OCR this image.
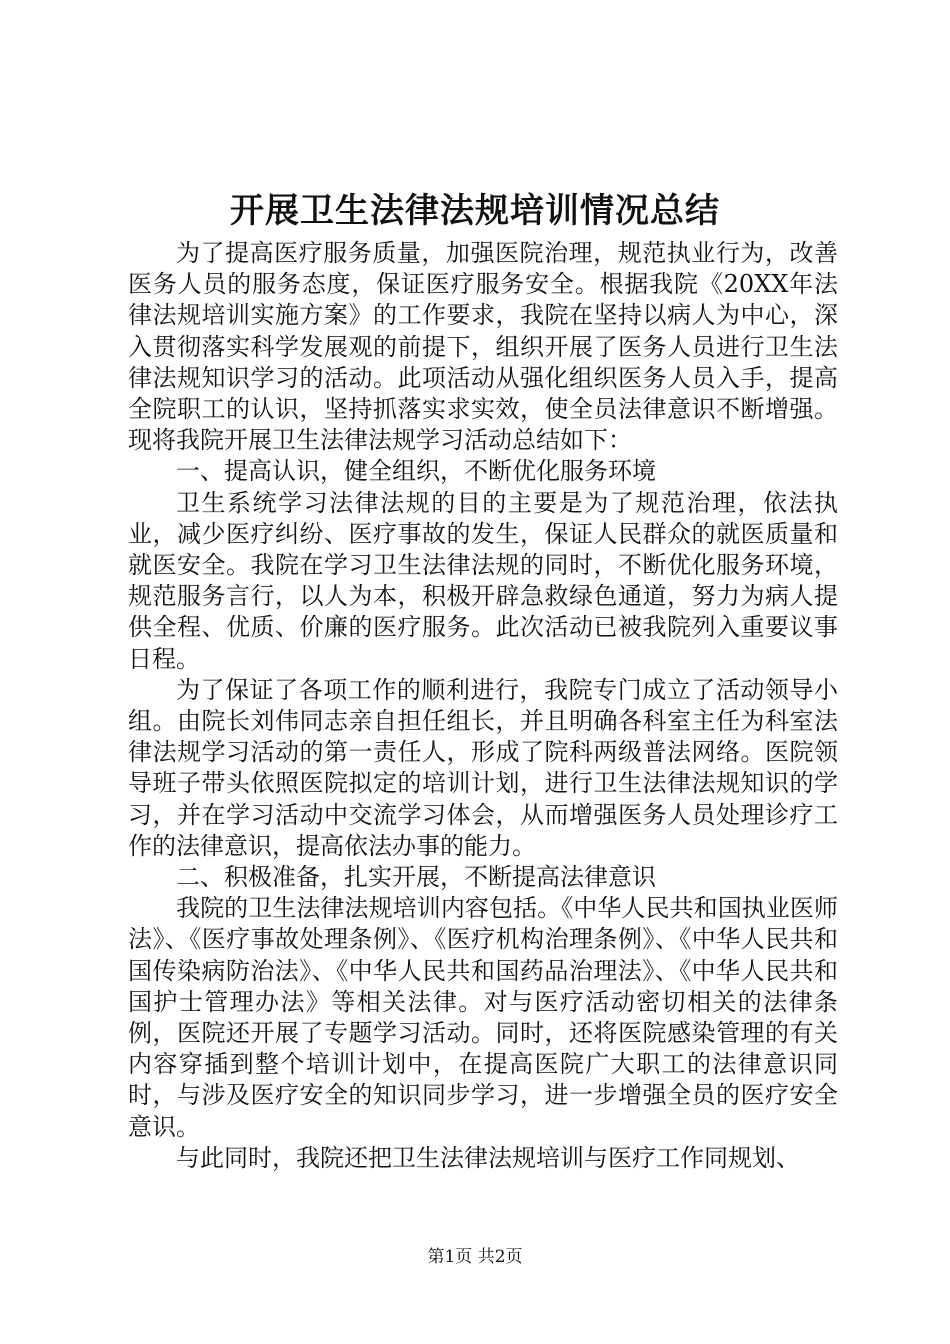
开展卫生法律法规培训情况总结

为了提高医疗服务质量，加强医院治理，规范执业行为，改善医务人员的服务态度，保证医疗服务安全。根据我院《20XX年法律法规培训实施方案》的工作要求，我院在坚持以病人为中心，深入贯彻落实科学发展观的前提下，组织开展了医务人员进行卫生法律法规知识学习的活动。此项活动从强化组织医务人员入手，提高全院职工的认识，坚持抓落实求实效，使全员法律意识不断增强。现将我院开展卫生法律法规学习活动总结如下：

一、提高认识，健全组织，不断优化服务环境

卫生系统学习法律法规的目的主要是为了规范治理，依法执业，减少医疗纠纷、医疗事故的发生，保证人民群众的就医质量和就医安全。我院在学习卫生法律法规的同时，不断优化服务环境，规范服务言行，以人为本，积极开辟急救绿色通道，努力为病人提供全程、优质、价廉的医疗服务。此次活动已被我院列入重要议事日程。

为了保证了各项工作的顺利进行，我院专门成立了活动领导小组。由院长刘伟同志亲自担任组长，并且明确各科室主任为科室法律法规学习活动的第一责任人，形成了院科两级普法网络。医院领导班子带头依照医院拟定的培训计划，进行卫生法律法规知识的学习，并在学习活动中交流学习体会，从而增强医务人员处理诊疗工作的法律意识，提高依法办事的能力。

二、积极准备，扎实开展，不断提高法律意识

我院的卫生法律法规培训内容包括。《中华人民共和国执业医师法》、《医疗事故处理条例》、《医疗机构治理条例》、《中华人民共和国传染病防治法》、《中华人民共和国药品治理法》、《中华人民共和国护士管理办法》等相关法律。对与医疗活动密切相关的法律条例，医院还开展了专题学习活动。同时，还将医院感染管理的有关内容穿插到整个培训计划中，在提高医院广大职工的法律意识同时，与涉及医疗安全的知识同步学习，进一步增强全员的医疗安全意识。

与此同时，我院还把卫生法律法规培训与医疗工作同规划、

第1页 共2页
